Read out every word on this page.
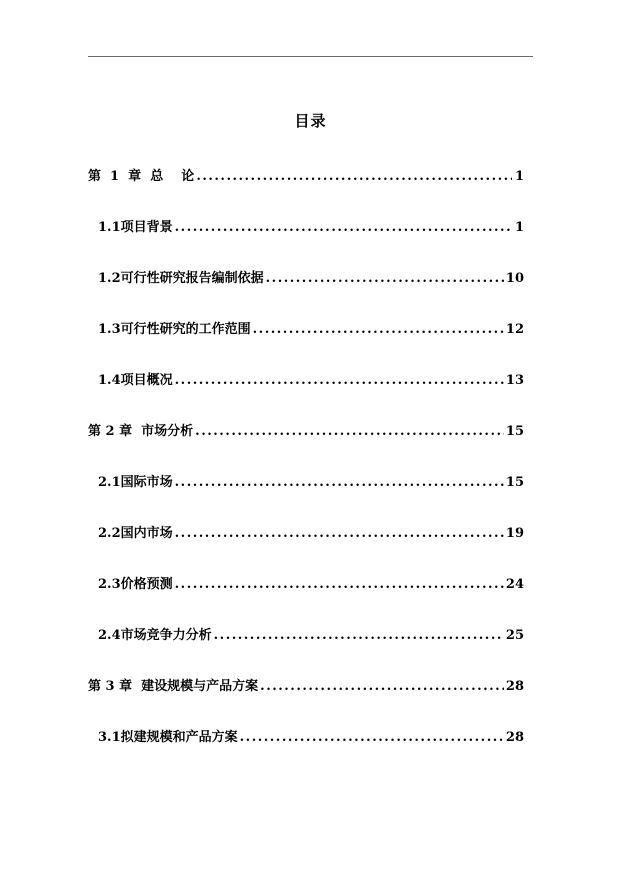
目录
第  1  章 总    论 .....	1
1.1 项目背景 .....	1
1.2 可行性研究报告编制依据 .....	10
1.3 可行性研究的工作范围 .....	12
1.4 项目概况 .....	13
第 2 章 市场分析 .....	15
2.1 国际市场 .....	15
2.2 国内市场 .....	19
2.3 价格预测 .....	24
2.4 市场竞争力分析 .....	25
第 3 章 建设规模与产品方案 .....	28
3.1 拟建规模和产品方案 .....	28
